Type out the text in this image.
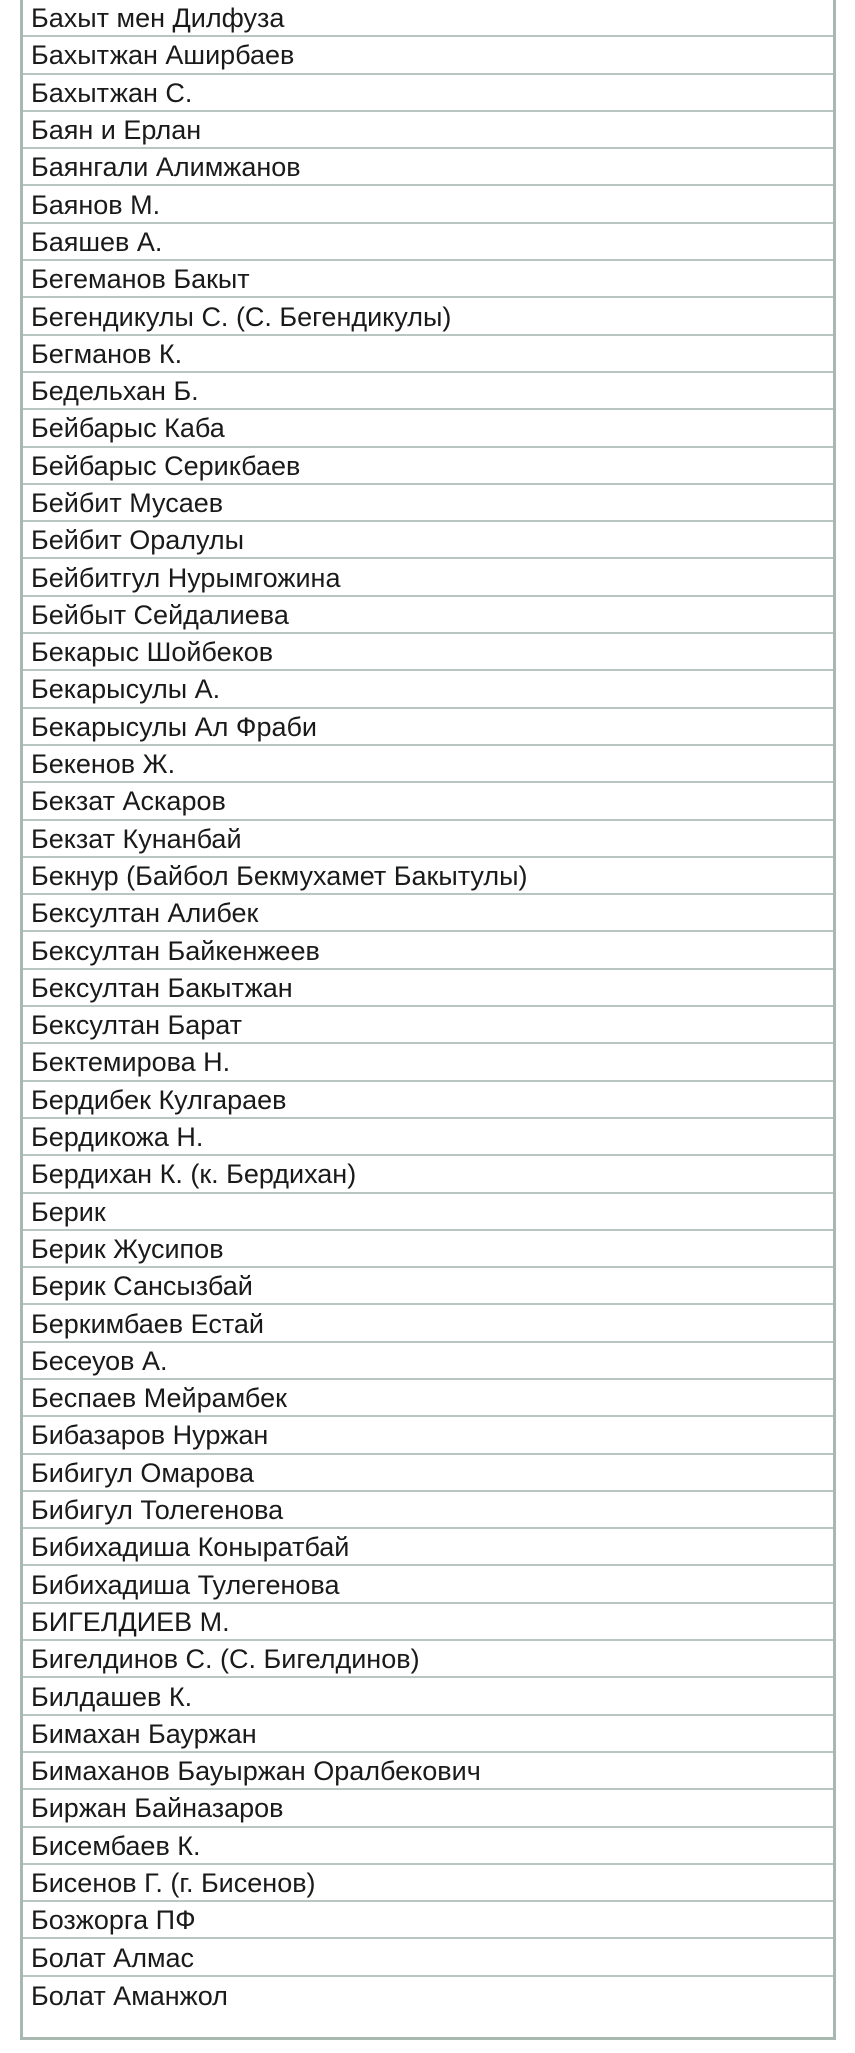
Бахыт мен Дилфуза
Бахытжан Аширбаев
Бахытжан С.
Баян и Ерлан
Баянгали Алимжанов
Баянов М.
Баяшев А.
Бегеманов Бакыт
Бегендикулы С. (С. Бегендикулы)
Бегманов К.
Бедельхан Б.
Бейбарыс Каба
Бейбарыс Серикбаев
Бейбит Мусаев
Бейбит Оралулы
Бейбитгул Нурымгожина
Бейбыт Сейдалиева
Бекарыс Шойбеков
Бекарысулы А.
Бекарысулы Ал Фраби
Бекенов Ж.
Бекзат Аскаров
Бекзат Кунанбай
Бекнур (Байбол Бекмухамет Бакытулы)
Бексултан Алибек
Бексултан Байкенжеев
Бексултан Бакытжан
Бексултан Барат
Бектемирова Н.
Бердибек Кулгараев
Бердикожа Н.
Бердихан К. (к. Бердихан)
Берик
Берик Жусипов
Берик Сансызбай
Беркимбаев Естай
Бесеуов А.
Беспаев Мейрамбек
Бибазаров Нуржан
Бибигул Омарова
Бибигул Толегенова
Бибихадиша Коныратбай
Бибихадиша Тулегенова
БИГЕЛДИЕВ М.
Бигелдинов С. (С. Бигелдинов)
Билдашев К.
Бимахан Бауржан
Бимаханов Бауыржан Оралбекович
Биржан Байназаров
Бисембаев К.
Бисенов Г. (г. Бисенов)
Бозжорга ПФ
Болат Алмас
Болат Аманжол
